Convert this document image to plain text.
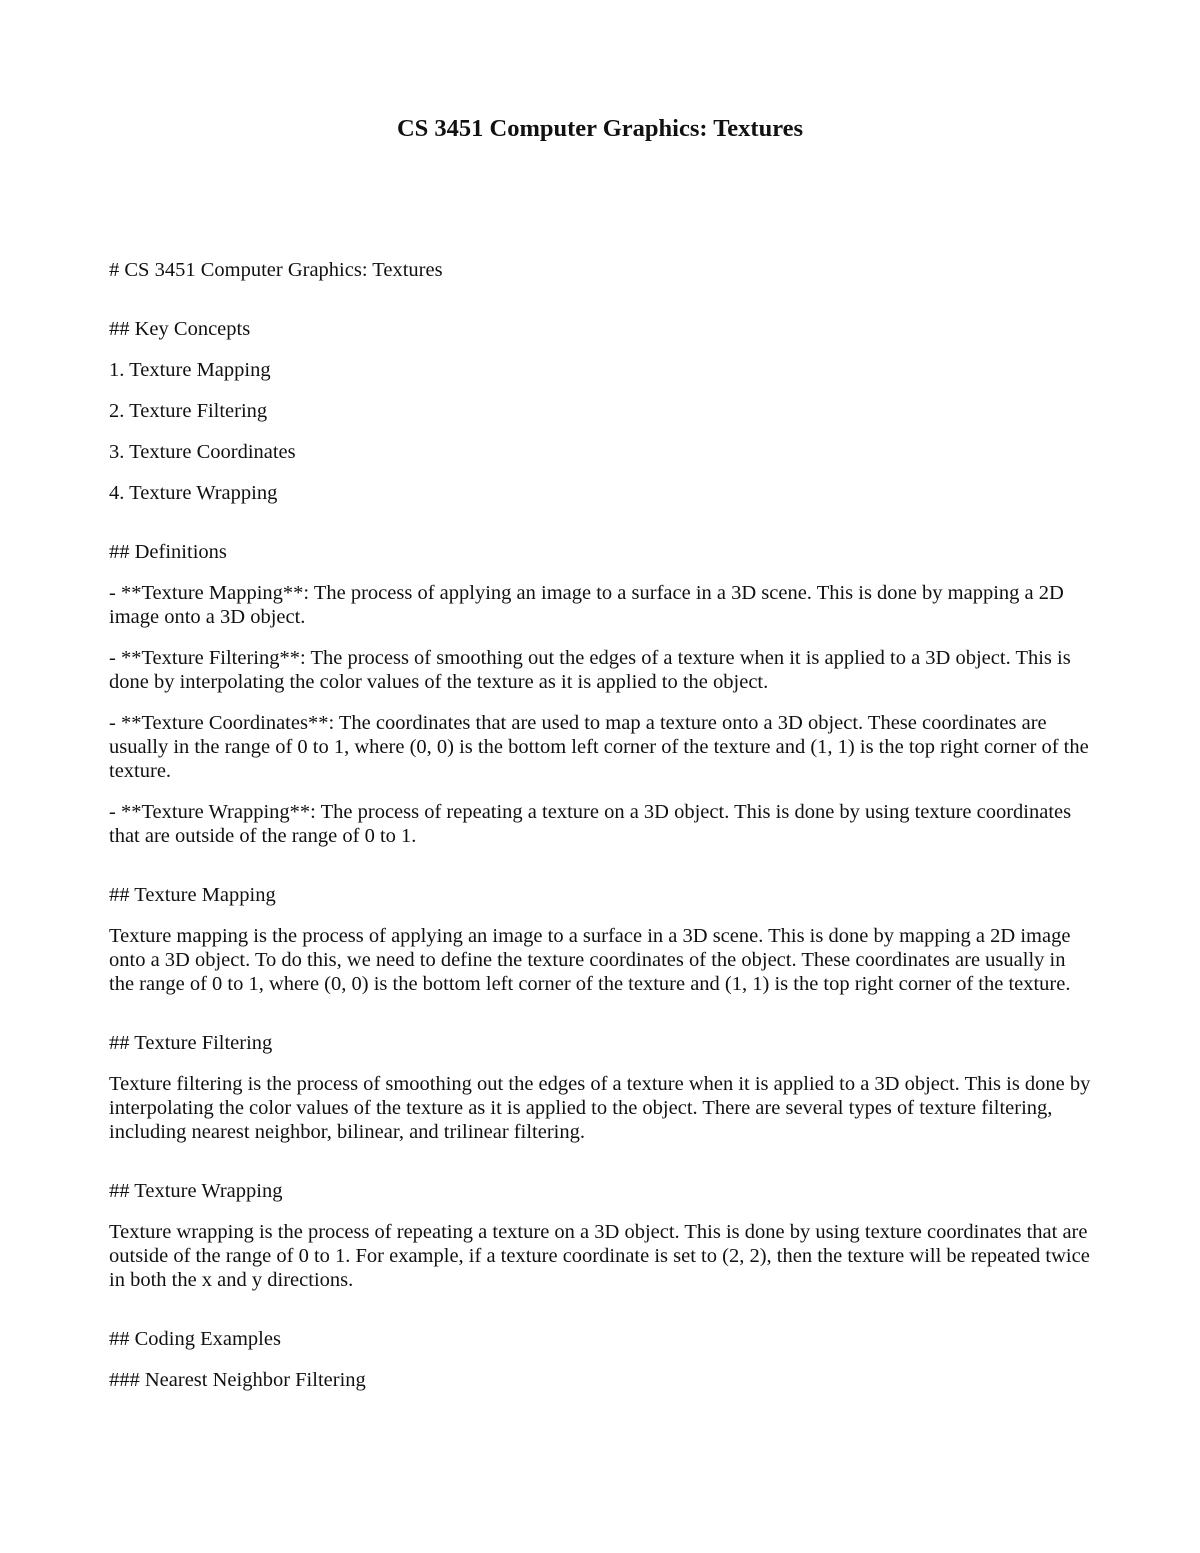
CS 3451 Computer Graphics: Textures

# CS 3451 Computer Graphics: Textures

## Key Concepts

1. Texture Mapping

2. Texture Filtering

3. Texture Coordinates

4. Texture Wrapping

## Definitions

- **Texture Mapping**: The process of applying an image to a surface in a 3D scene. This is done by mapping a 2D image onto a 3D object.

- **Texture Filtering**: The process of smoothing out the edges of a texture when it is applied to a 3D object. This is done by interpolating the color values of the texture as it is applied to the object.

- **Texture Coordinates**: The coordinates that are used to map a texture onto a 3D object. These coordinates are usually in the range of 0 to 1, where (0, 0) is the bottom left corner of the texture and (1, 1) is the top right corner of the texture.

- **Texture Wrapping**: The process of repeating a texture on a 3D object. This is done by using texture coordinates that are outside of the range of 0 to 1.

## Texture Mapping

Texture mapping is the process of applying an image to a surface in a 3D scene. This is done by mapping a 2D image onto a 3D object. To do this, we need to define the texture coordinates of the object. These coordinates are usually in the range of 0 to 1, where (0, 0) is the bottom left corner of the texture and (1, 1) is the top right corner of the texture.

## Texture Filtering

Texture filtering is the process of smoothing out the edges of a texture when it is applied to a 3D object. This is done by interpolating the color values of the texture as it is applied to the object. There are several types of texture filtering, including nearest neighbor, bilinear, and trilinear filtering.

## Texture Wrapping

Texture wrapping is the process of repeating a texture on a 3D object. This is done by using texture coordinates that are outside of the range of 0 to 1. For example, if a texture coordinate is set to (2, 2), then the texture will be repeated twice in both the x and y directions.

## Coding Examples

### Nearest Neighbor Filtering
